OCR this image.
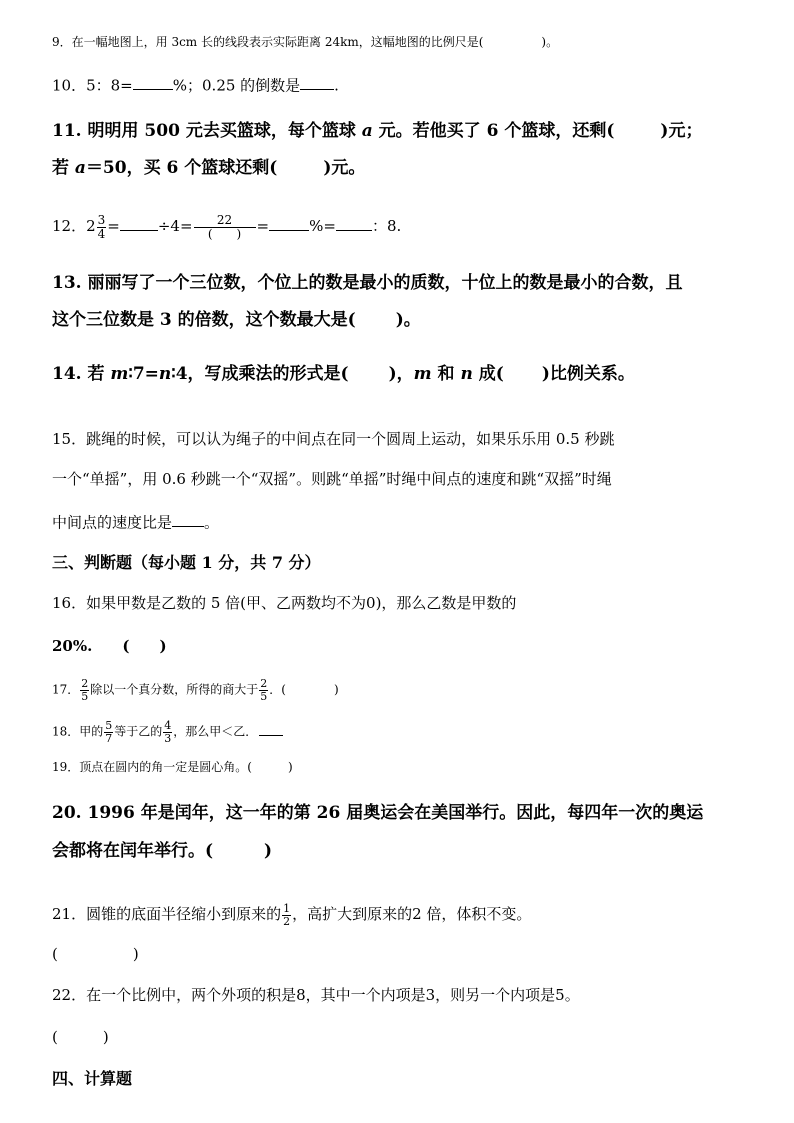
9．在一幅地图上，用 3cm 长的线段表示实际距离 24km，这幅地图的比例尺是(	)。
10．5：8=	%；0.25 的倒数是 .
11. 明明用 500 元去买篮球，每个篮球 a 元。若他买了 6 个篮球，还剩(	)元；
若 a＝50，买 6 个篮球还剩(	)元。
12．$2 \frac{3}{4}$ =	$\div 4= \frac{22}{( )}$ =	%= ：8.
13. 丽丽写了一个三位数，个位上的数是最小的质数，十位上的数是最小的合数，且
这个三位数是 3 的倍数，这个数最大是( )。
14. 若 m∶7=n∶4，写成乘法的形式是( )，m 和 n 成( )比例关系。
15．跳绳的时候，可以认为绳子的中间点在同一个圆周上运动，如果乐乐用 0.5 秒跳
一个“单摇”，用 0.6 秒跳一个“双摇”。则跳“单摇”时绳中间点的速度和跳“双摇”时绳
中间点的速度比是 。
三、判断题（每小题 1 分，共 7 分）
16．如果甲数是乙数的 5 倍(甲、乙两数均不为0)，那么乙数是甲数的
20%.　　(　　)
17． $\frac{2}{5}$ 除以一个真分数，所得的商大于 $\frac{2}{5}$ ．(　　　　)
18．甲的 $\frac{5}{7}$ 等于乙的 $\frac{4}{3}$ ，那么甲＜乙．
19．顶点在圆内的角一定是圆心角。(　　　)
20. 1996 年是闰年，这一年的第 26 届奥运会在美国举行。因此，每四年一次的奥运
会都将在闰年举行。(　　　)
21．圆锥的底面半径缩小到原来的 $\frac{1}{2}$ ，高扩大到原来的2 倍，体积不变。
(　　　　　)
22．在一个比例中，两个外项的积是8，其中一个内项是3，则另一个内项是5。
(　　　)
四、计算题
